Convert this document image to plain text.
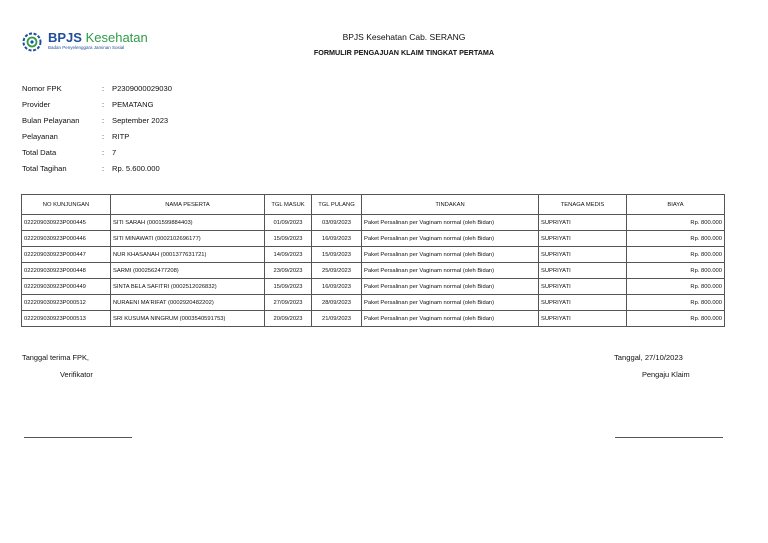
BPJS Kesehatan
Badan Penyelenggara Jaminan Sosial
BPJS Kesehatan Cab. SERANG
FORMULIR PENGAJUAN KLAIM TINGKAT PERTAMA
Nomor FPK	:	P2309000029030
Provider	:	PEMATANG
Bulan Pelayanan	:	September 2023
Pelayanan	:	RITP
Total Data	:	7
Total Tagihan	:	Rp. 5.600.000
NO KUNJUNGAN	NAMA PESERTA	TGL MASUK	TGL PULANG	TINDAKAN	TENAGA MEDIS	BIAYA
022209030923P000445	SITI SARAH (0001599884403)	01/09/2023	03/09/2023	Paket Persalinan per Vaginam normal (oleh Bidan)	SUPRIYATI	Rp. 800.000
022209030923P000446	SITI MINAWATI (0002102696177)	15/09/2023	16/09/2023	Paket Persalinan per Vaginam normal (oleh Bidan)	SUPRIYATI	Rp. 800.000
022209030923P000447	NUR KHASANAH (0001377631721)	14/09/2023	15/09/2023	Paket Persalinan per Vaginam normal (oleh Bidan)	SUPRIYATI	Rp. 800.000
022209030923P000448	SARMI (0002562477208)	23/09/2023	25/09/2023	Paket Persalinan per Vaginam normal (oleh Bidan)	SUPRIYATI	Rp. 800.000
022209030923P000449	SINTA BELA SAFITRI (0002512026832)	15/09/2023	16/09/2023	Paket Persalinan per Vaginam normal (oleh Bidan)	SUPRIYATI	Rp. 800.000
022209030923P000512	NURAENI MA'RIFAT (0002920482202)	27/09/2023	28/09/2023	Paket Persalinan per Vaginam normal (oleh Bidan)	SUPRIYATI	Rp. 800.000
022209030923P000513	SRI KUSUMA NINGRUM (0003540591753)	20/09/2023	21/09/2023	Paket Persalinan per Vaginam normal (oleh Bidan)	SUPRIYATI	Rp. 800.000
Tanggal terima FPK,
Verifikator
Tanggal, 27/10/2023
Pengaju Klaim
